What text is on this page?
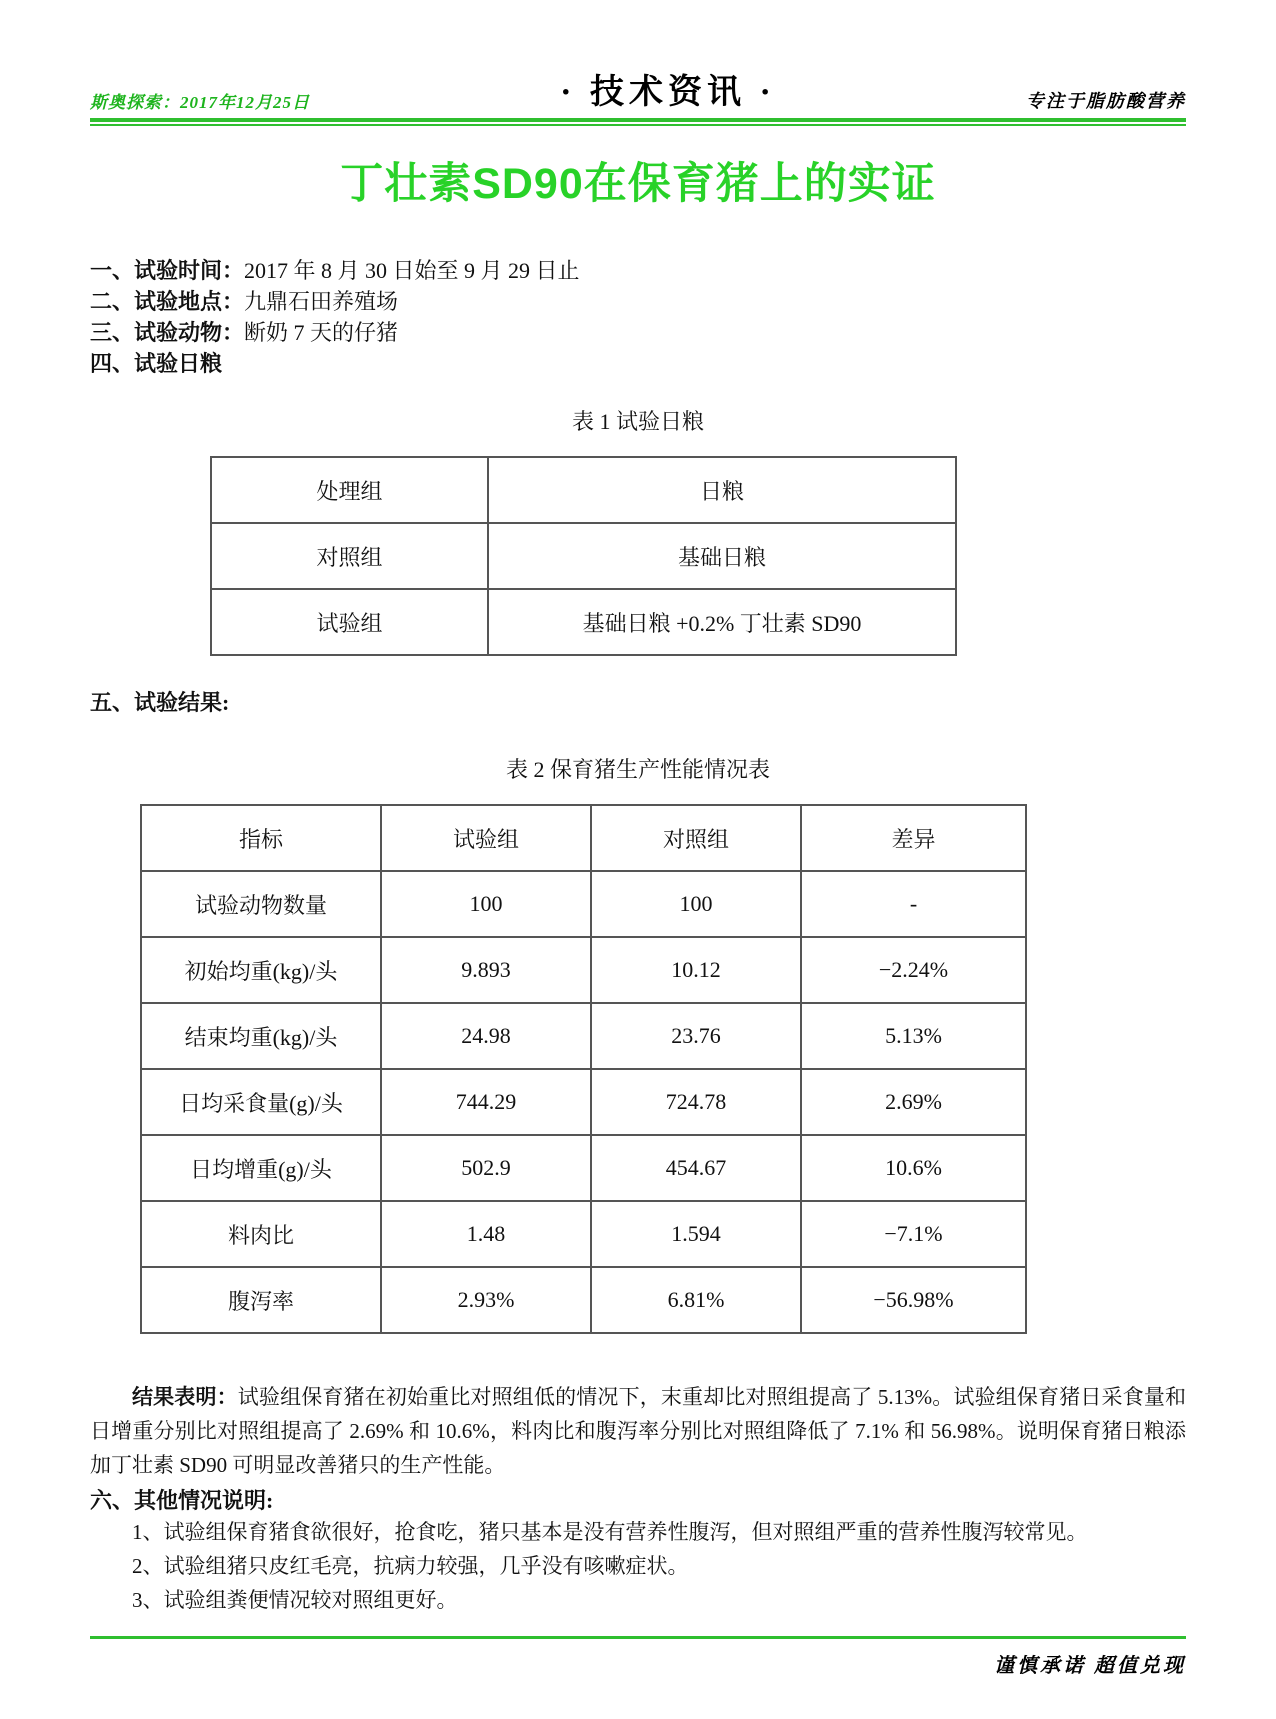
斯奥探索：2017年12月25日	· 技术资讯 ·	专注于脂肪酸营养
丁壮素SD90在保育猪上的实证
一、试验时间：2017 年 8 月 30 日始至 9 月 29 日止
二、试验地点：九鼎石田养殖场
三、试验动物：断奶 7 天的仔猪
四、试验日粮
表 1 试验日粮
处理组	日粮
对照组	基础日粮
试验组	基础日粮 +0.2% 丁壮素 SD90
五、试验结果:
表 2 保育猪生产性能情况表
指标	试验组	对照组	差异
试验动物数量	100	100	-
初始均重(kg)/头	9.893	10.12	−2.24%
结束均重(kg)/头	24.98	23.76	5.13%
日均采食量(g)/头	744.29	724.78	2.69%
日均增重(g)/头	502.9	454.67	10.6%
料肉比	1.48	1.594	−7.1%
腹泻率	2.93%	6.81%	−56.98%

结果表明：试验组保育猪在初始重比对照组低的情况下，末重却比对照组提高了 5.13%。试验组保育猪日采食量和日增重分别比对照组提高了 2.69% 和 10.6%，料肉比和腹泻率分别比对照组降低了 7.1% 和 56.98%。说明保育猪日粮添加丁壮素 SD90 可明显改善猪只的生产性能。

六、其他情况说明:

1、试验组保育猪食欲很好，抢食吃，猪只基本是没有营养性腹泻，但对照组严重的营养性腹泻较常见。

2、试验组猪只皮红毛亮，抗病力较强，几乎没有咳嗽症状。

3、试验组粪便情况较对照组更好。

谨慎承诺 超值兑现
